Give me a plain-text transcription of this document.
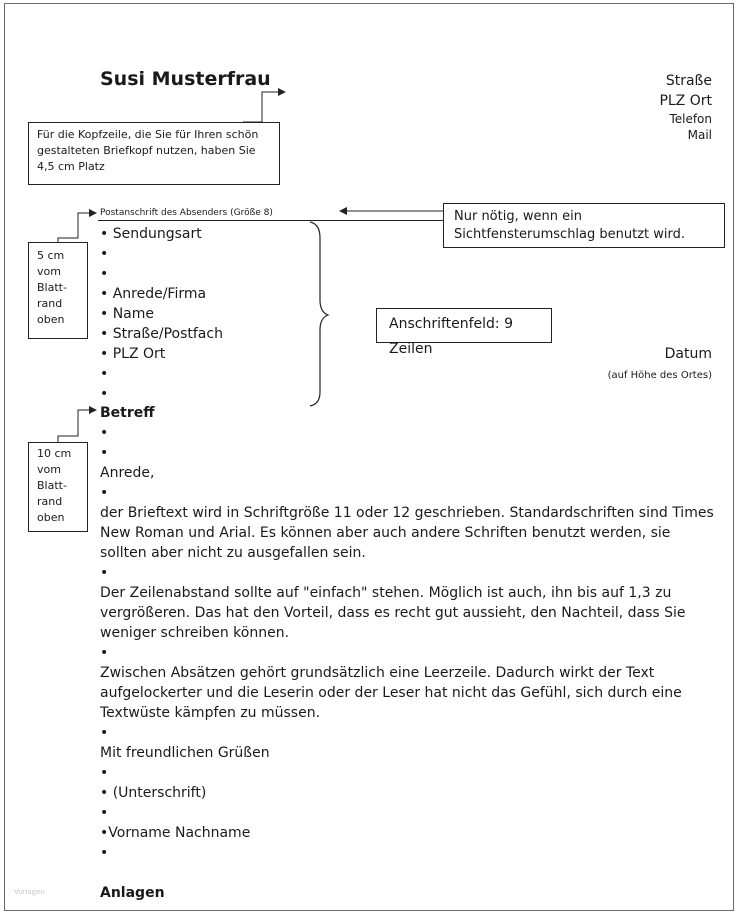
Susi Musterfrau	Straße
PLZ Ort
Telefon
Mail
Für die Kopfzeile, die Sie für Ihren schön gestalteten Briefkopf nutzen, haben Sie 4,5 cm Platz
Nur nötig, wenn ein Sichtfensterumschlag benutzt wird.
Anschriftenfeld: 9 Zeilen
5 cm
vom
Blatt-
rand
oben
10 cm
vom
Blatt-
rand
oben
Postanschrift des Absenders (Größe 8)
• Sendungsart
•
•
• Anrede/Firma
• Name
• Straße/Postfach
• PLZ Ort
•
•
Datum
(auf Höhe des Ortes)

Betreff

•

•

Anrede,

•

der Brieftext wird in Schriftgröße 11 oder 12 geschrieben. Standardschriften sind Times New Roman und Arial. Es können aber auch andere Schriften benutzt werden, sie sollten aber nicht zu ausgefallen sein.

•

Der Zeilenabstand sollte auf "einfach" stehen. Möglich ist auch, ihn bis auf 1,3 zu vergrößeren. Das hat den Vorteil, dass es recht gut aussieht, den Nachteil, dass Sie weniger schreiben können.

•

Zwischen Absätzen gehört grundsätzlich eine Leerzeile. Dadurch wirkt der Text aufgelockerter und die Leserin oder der Leser hat nicht das Gefühl, sich durch eine Textwüste kämpfen zu müssen.

•

Mit freundlichen Grüßen

•

• (Unterschrift)

•

•Vorname Nachname

•

Anlagen

Vorlagen
